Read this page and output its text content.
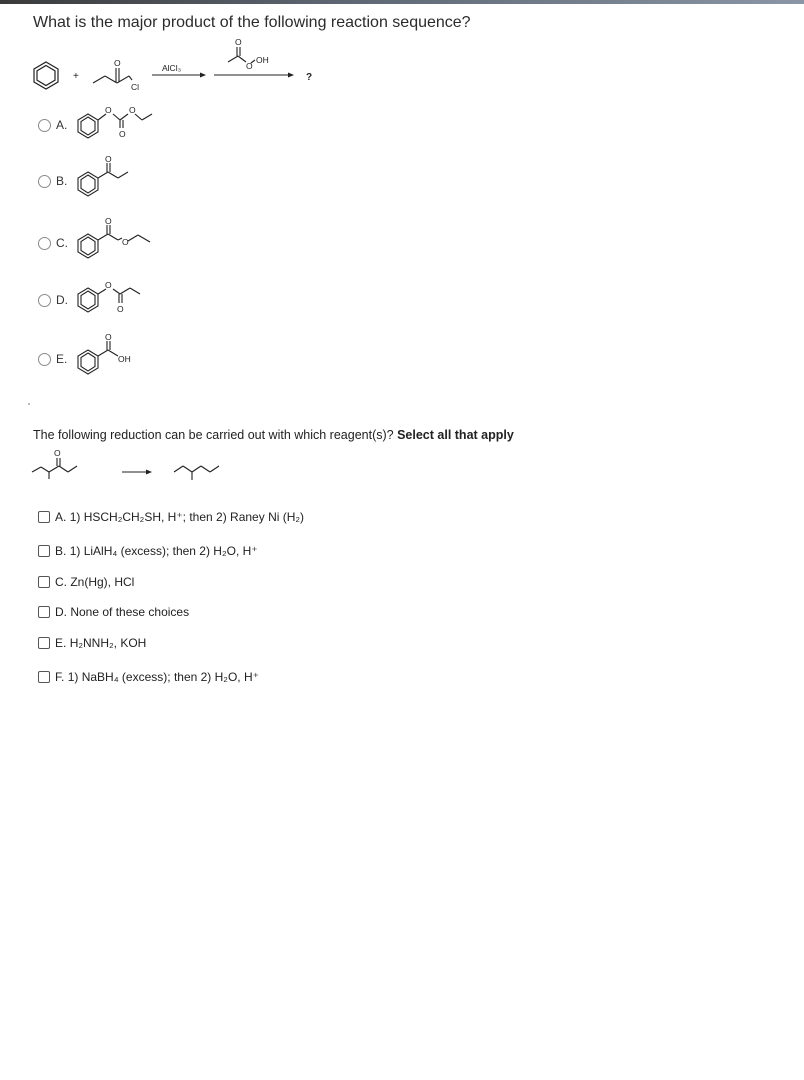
What is the major product of the following reaction sequence?
+
O
Cl
AlCl₃
O
O
OH
?
A.
O O
O
B.
O
C.
O
O
D.
O
O
E.
O
OH
The following reduction can be carried out with which reagent(s)? Select all that apply
O
A.
1) HSCH₂CH₂SH, H⁺; then 2) Raney Ni (H₂)
B.
1) LiAlH₄ (excess); then 2) H₂O, H⁺
C.
Zn(Hg), HCl
D.
None of these choices
E.
H₂NNH₂, KOH
F.
1) NaBH₄ (excess); then 2) H₂O, H⁺
